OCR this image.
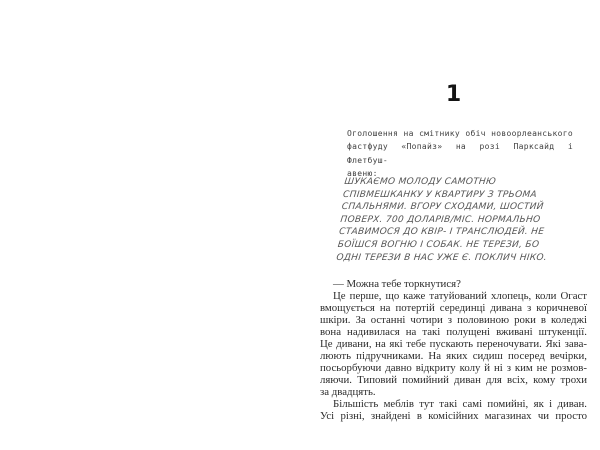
1
Оголошення на смітнику обіч новоорлеанського
фастфуду «Попайз» на розі Парксайд і Флетбуш-
авеню:
ШУКАЄМО МОЛОДУ САМОТНЮ
СПІВМЕШКАНКУ У КВАРТИРУ З ТРЬОМА
СПАЛЬНЯМИ. ВГОРУ СХОДАМИ, ШОСТИЙ
ПОВЕРХ. 700 ДОЛАРІВ/МІС. НОРМАЛЬНО
СТАВИМОСЯ ДО КВІР- І ТРАНСЛЮДЕЙ. НЕ
БОЇШСЯ ВОГНЮ І СОБАК. НЕ ТЕРЕЗИ, БО
ОДНІ ТЕРЕЗИ В НАС УЖЕ Є. ПОКЛИЧ НІКО.
— Можна тебе торкнутися?
Це перше, що каже татуйований хлопець, коли Огаст
вмощується на потертій серединці дивана з коричневої
шкіри. За останні чотири з половиною роки в коледжі
вона надивилася на такі полущені вживані штукенції.
Це дивани, на які тебе пускають переночувати. Які зава-
люють підручниками. На яких сидиш посеред вечірки,
посьорбуючи давно відкриту колу й ні з ким не розмов-
ляючи. Типовий помийний диван для всіх, кому трохи
за двадцять.
Більшість меблів тут такі самі помийні, як і диван.
Усі різні, знайдені в комісійних магазинах чи просто
